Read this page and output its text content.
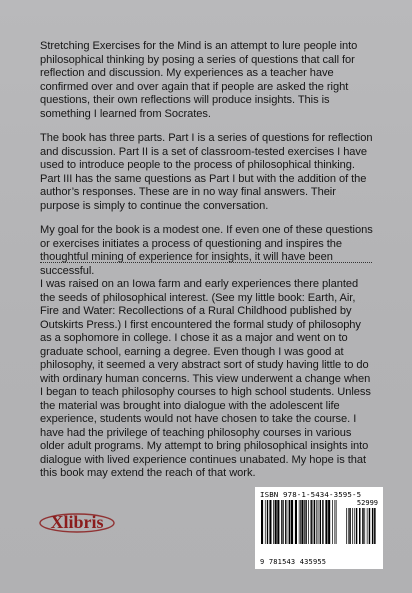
Stretching Exercises for the Mind is an attempt to lure people into philosophical thinking by posing a series of questions that call for reflection and discussion. My experiences as a teacher have confirmed over and over again that if people are asked the right questions, their own reflections will produce insights. This is something I learned from Socrates.

The book has three parts. Part I is a series of questions for reflection and discussion. Part II is a set of classroom-tested exercises I have used to introduce people to the process of philosophical thinking. Part III has the same questions as Part I but with the addition of the author’s responses. These are in no way final answers. Their purpose is simply to continue the conversation.

My goal for the book is a modest one. If even one of these questions or exercises initiates a process of questioning and inspires the thoughtful mining of experience for insights, it will have been successful.

I was raised on an Iowa farm and early experiences there planted the seeds of philosophical interest. (See my little book: Earth, Air, Fire and Water: Recollections of a Rural Childhood published by Outskirts Press.) I first encountered the formal study of philosophy as a sophomore in college. I chose it as a major and went on to graduate school, earning a degree. Even though I was good at philosophy, it seemed a very abstract sort of study having little to do with ordinary human concerns. This view underwent a change when I began to teach philosophy courses to high school students. Unless the material was brought into dialogue with the adolescent life experience, students would not have chosen to take the course. I have had the privilege of teaching philosophy courses in various older adult programs. My attempt to bring philosophical insights into dialogue with lived experience continues unabated. My hope is that this book may extend the reach of that work.

Xlibris
ISBN 978-1-5434-3595-5
52999
9 781543 435955
